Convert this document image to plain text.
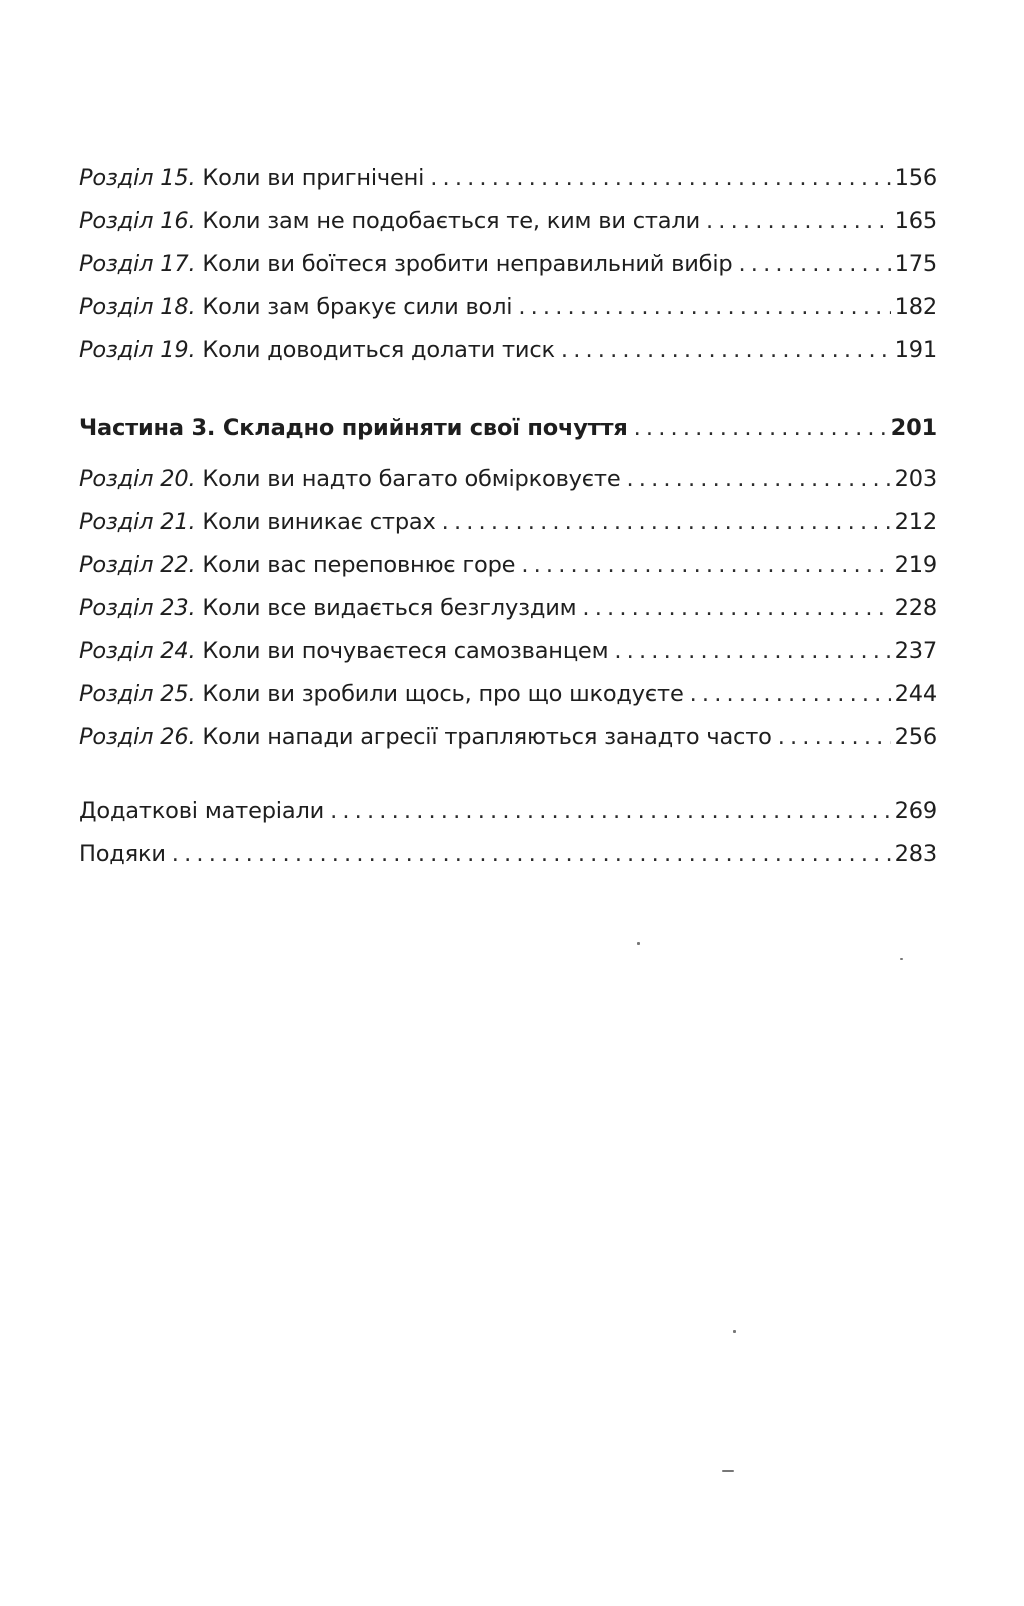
Розділ 15. Коли ви пригнічені . . .	156
Розділ 16. Коли зам не подобається те, ким ви стали . . .	165
Розділ 17. Коли ви боїтеся зробити неправильний вибір . . .	175
Розділ 18. Коли зам бракує сили волі . . .	182
Розділ 19. Коли доводиться долати тиск . . .	191
Частина 3. Складно прийняти свої почуття . . .	201
Розділ 20. Коли ви надто багато обмірковуєте . . .	203
Розділ 21. Коли виникає страх . . .	212
Розділ 22. Коли вас переповнює горе . . .	219
Розділ 23. Коли все видається безглуздим . . .	228
Розділ 24. Коли ви почуваєтеся самозванцем . . .	237
Розділ 25. Коли ви зробили щось, про що шкодуєте . . .	244
Розділ 26. Коли напади агресії трапляються занадто часто . . .	256
Додаткові матеріали . . .	269
Подяки . . .	283
